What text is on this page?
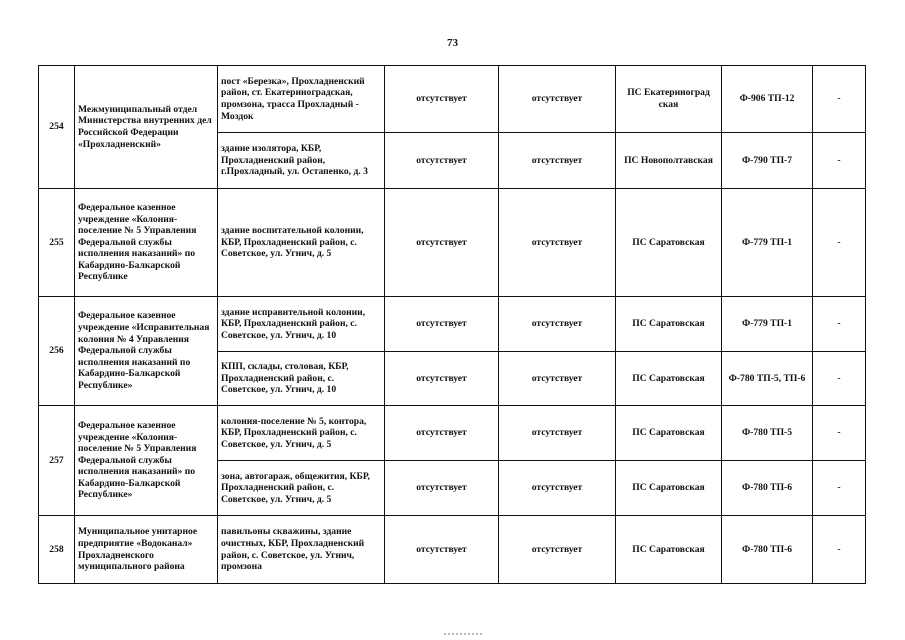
73
254	Межмуниципальный отдел Министерства внутренних дел Российской Федерации «Прохладненский»	пост «Березка», Прохладненский район, ст. Екатериноградская, промзона, трасса Прохладный - Моздок	отсутствует	отсутствует	ПС Екатериноград ская	Ф-906 ТП-12	-
		здание изолятора, КБР, Прохладненский район, г.Прохладный, ул. Остапенко, д. 3	отсутствует	отсутствует	ПС Новополтавская	Ф-790 ТП-7	-
255	Федеральное казенное учреждение «Колония-поселение № 5 Управления Федеральной службы исполнения наказаний» по Кабардино-Балкарской Республике	здание воспитательной колонии, КБР, Прохладненский район, с. Советское, ул. Угнич, д. 5	отсутствует	отсутствует	ПС Саратовская	Ф-779 ТП-1	-
256	Федеральное казенное учреждение «Исправительная колония № 4 Управления Федеральной службы исполнения наказаний по Кабардино-Балкарской Республике»	здание исправительной колонии, КБР, Прохладненский район, с. Советское, ул. Угнич, д. 10	отсутствует	отсутствует	ПС Саратовская	Ф-779 ТП-1	-
		КПП, склады, столовая, КБР, Прохладненский район, с. Советское, ул. Угнич, д. 10	отсутствует	отсутствует	ПС Саратовская	Ф-780 ТП-5, ТП-6	-
257	Федеральное казенное учреждение «Колония-поселение № 5 Управления Федеральной службы исполнения наказаний» по Кабардино-Балкарской Республике»	колония-поселение № 5, контора, КБР, Прохладненский район, с. Советское, ул. Угнич, д. 5	отсутствует	отсутствует	ПС Саратовская	Ф-780 ТП-5	-
		зона, автогараж, общежития, КБР, Прохладненский район, с. Советское, ул. Угнич, д. 5	отсутствует	отсутствует	ПС Саратовская	Ф-780 ТП-6	-
258	Муниципальное унитарное предприятие «Водоканал» Прохладненского муниципального района	павильоны скважины, здание очистных, КБР, Прохладненский район, с. Советское, ул. Угнич, промзона	отсутствует	отсутствует	ПС Саратовская	Ф-780 ТП-6	-
